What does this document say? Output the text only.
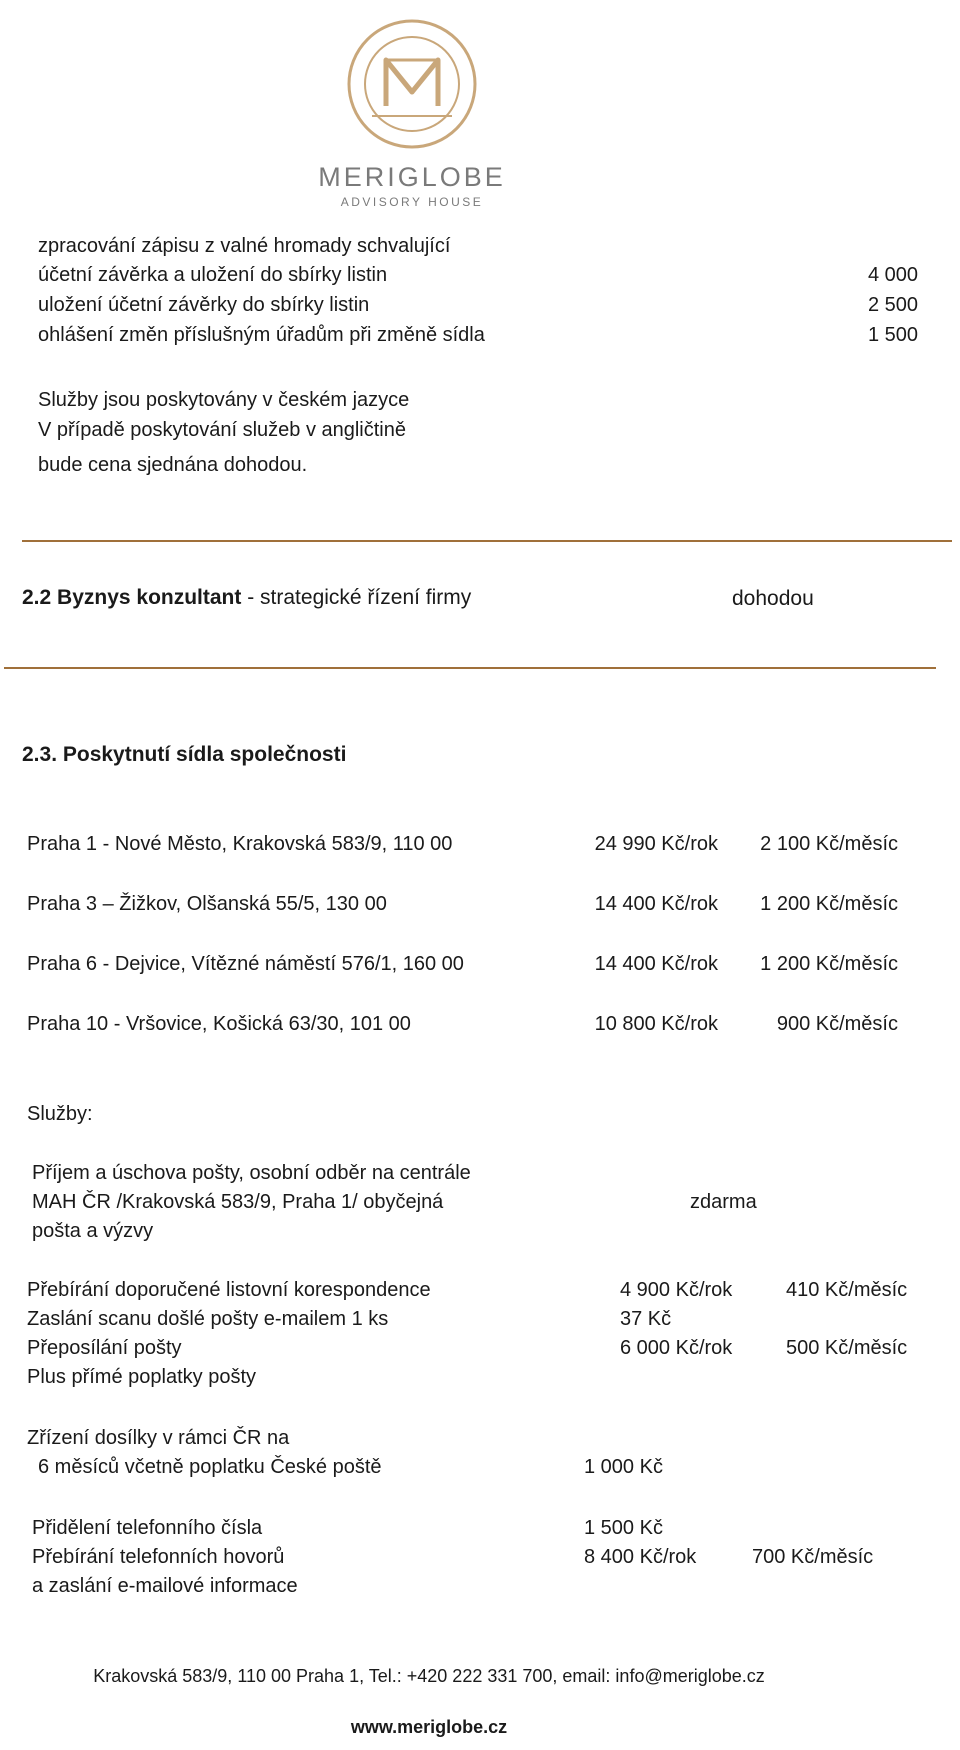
MERIGLOBE
ADVISORY HOUSE
zpracování zápisu z valné hromady schvalující
účetní závěrka a uložení do sbírky listin	4 000
uložení účetní závěrky do sbírky listin	2 500
ohlášení změn příslušným úřadům při změně sídla	1 500
Služby jsou poskytovány v českém jazyce
V případě poskytování služeb v angličtině
bude cena sjednána dohodou.
2.2 Byznys konzultant - strategické řízení firmy	dohodou
2.3. Poskytnutí sídla společnosti
Praha 1 - Nové Město, Krakovská 583/9, 110 00	24 990 Kč/rok	2 100 Kč/měsíc
Praha 3 – Žižkov, Olšanská 55/5, 130 00	14 400 Kč/rok	1 200 Kč/měsíc
Praha 6 - Dejvice, Vítězné náměstí 576/1, 160 00	14 400 Kč/rok	1 200 Kč/měsíc
Praha 10 - Vršovice, Košická 63/30, 101 00	10 800 Kč/rok	900 Kč/měsíc
Služby:
Příjem a úschova pošty, osobní odběr na centrále
MAH ČR /Krakovská 583/9, Praha 1/ obyčejná
pošta a výzvy
zdarma
Přebírání doporučené listovní korespondence	4 900 Kč/rok	410 Kč/měsíc
Zaslání scanu došlé pošty e-mailem 1 ks	37 Kč
Přeposílání pošty	6 000 Kč/rok	500 Kč/měsíc
Plus přímé poplatky pošty
Zřízení dosílky v rámci ČR na
6 měsíců včetně poplatku České poště	1 000 Kč
Přidělení telefonního čísla	1 500 Kč
Přebírání telefonních hovorů	8 400 Kč/rok	700 Kč/měsíc
a zaslání e-mailové informace
Krakovská 583/9, 110 00 Praha 1, Tel.: +420 222 331 700, email: info@meriglobe.cz
www.meriglobe.cz
